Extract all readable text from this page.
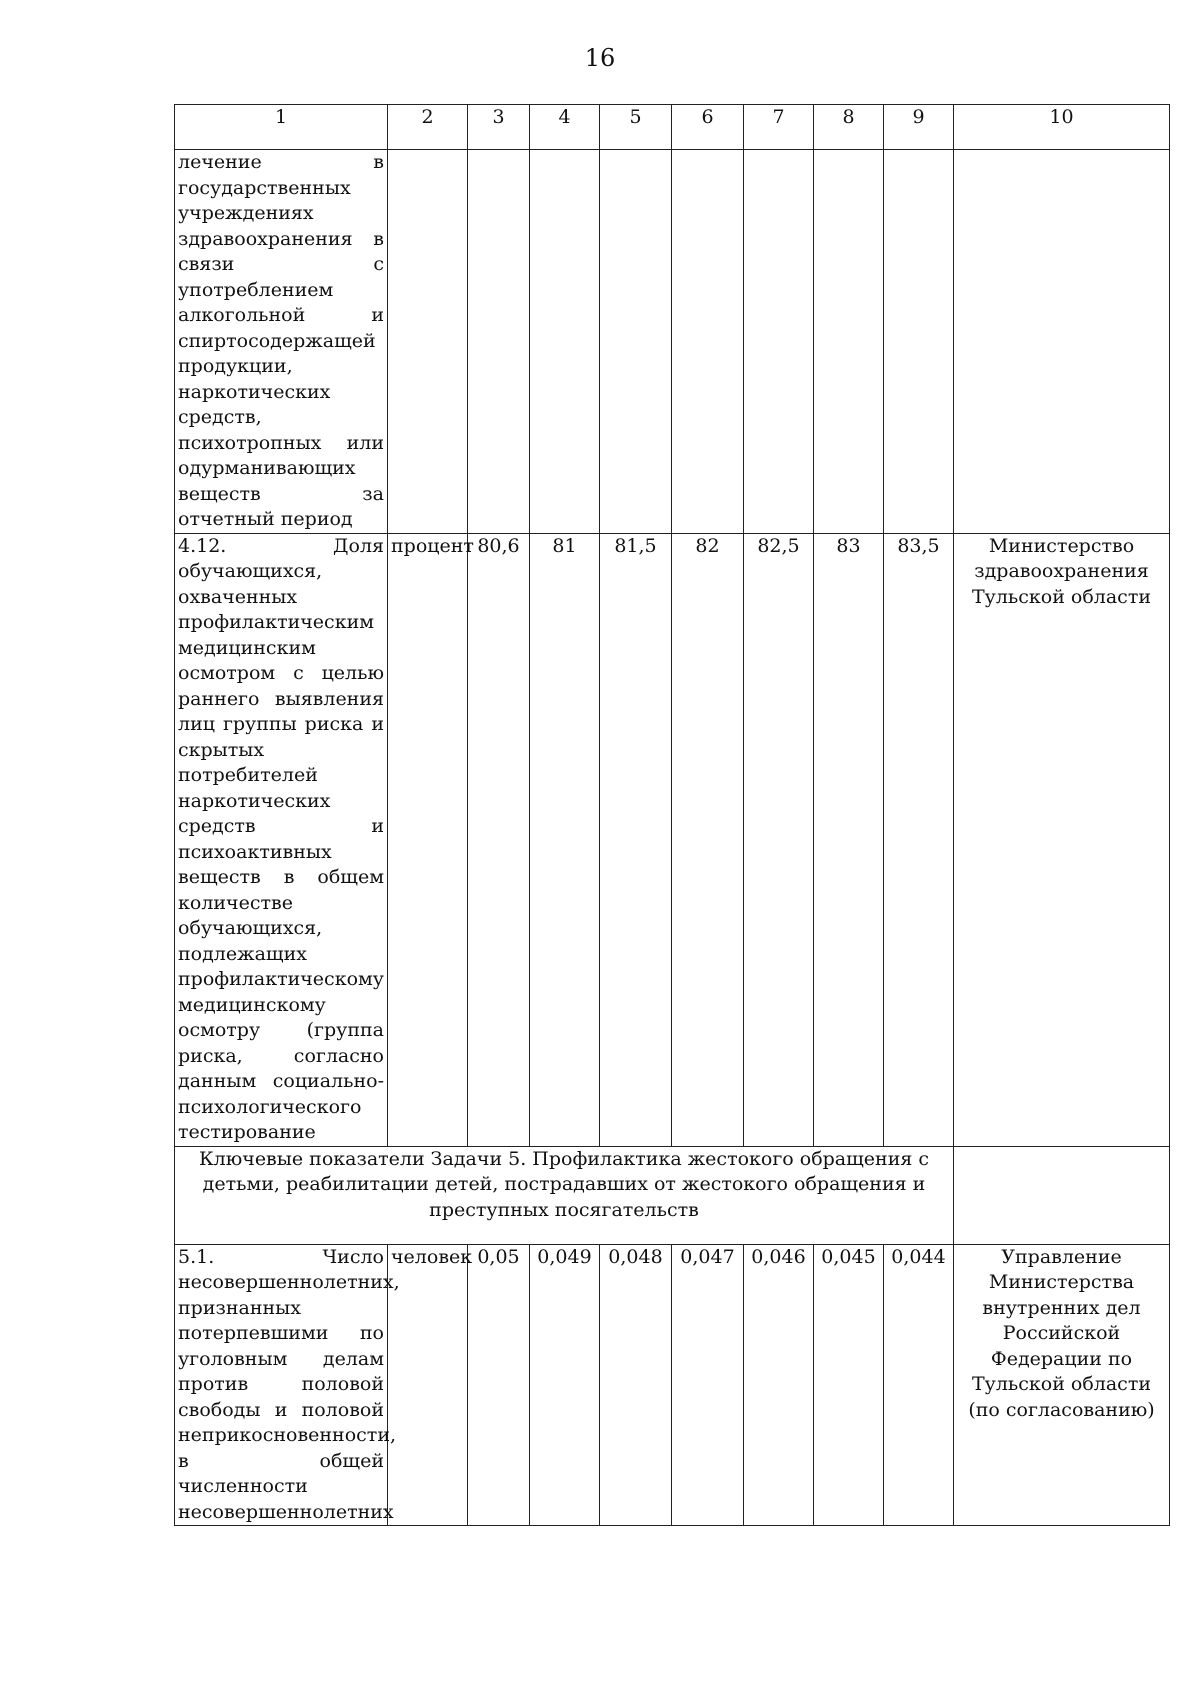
16
1	2	3	4	5	6	7	8	9	10
лечение в государственных учреждениях здравоохранения в связи с употреблением алкогольной и спиртосодержащей продукции, наркотических средств, психотропных или одурманивающих веществ за отчетный период									
4.12. Доля обучающихся, охваченных профилактическим медицинским осмотром с целью раннего выявления лиц группы риска и скрытых потребителей наркотических средств и психоактивных веществ в общем количестве обучающихся, подлежащих профилактическому медицинскому осмотру (группа риска, согласно данным социально-психологического тестирование	процент	80,6	81	81,5	82	82,5	83	83,5	Министерство здравоохранения Тульской области
Ключевые показатели Задачи 5. Профилактика жестокого обращения с детьми, реабилитации детей, пострадавших от жестокого обращения и преступных посягательств									
5.1. Число несовершеннолетних, признанных потерпевшими по уголовным делам против половой свободы и половой неприкосновенности, в общей численности несовершеннолетних	человек	0,05	0,049	0,048	0,047	0,046	0,045	0,044	Управление Министерства внутренних дел Российской Федерации по Тульской области (по согласованию)
